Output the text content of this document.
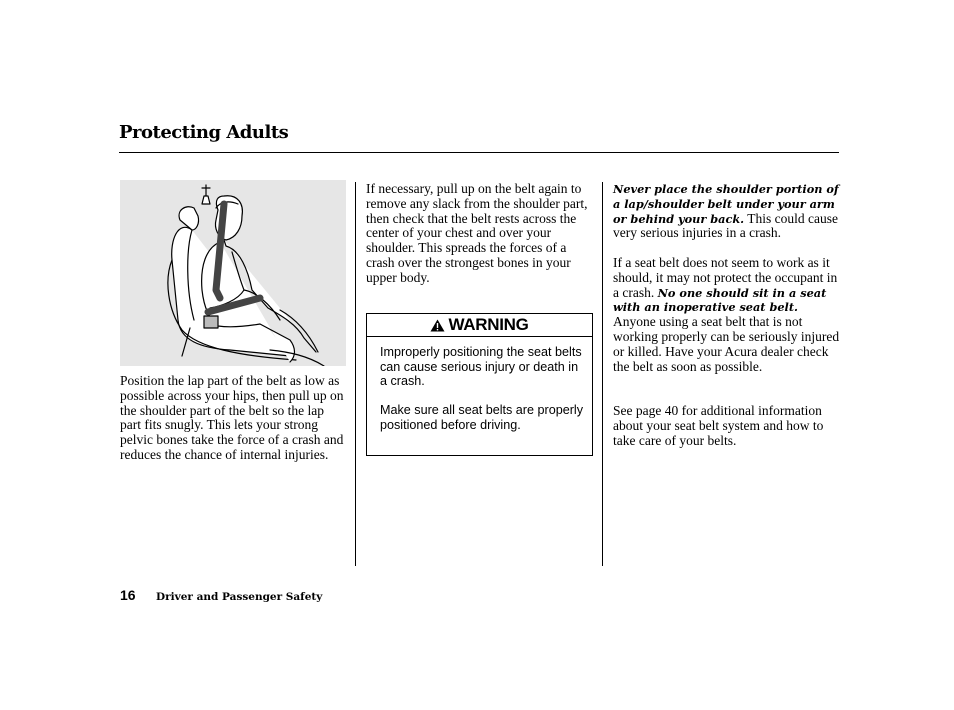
Protecting Adults

Position the lap part of the belt as low as possible across your hips, then pull up on the shoulder part of the belt so the lap part fits snugly. This lets your strong pelvic bones take the force of a crash and reduces the chance of internal injuries.

If necessary, pull up on the belt again to remove any slack from the shoulder part, then check that the belt rests across the center of your chest and over your shoulder. This spreads the forces of a crash over the strongest bones in your upper body.

WARNING

Improperly positioning the seat belts can cause serious injury or death in a crash.

Make sure all seat belts are properly positioned before driving.

Never place the shoulder portion of a lap/shoulder belt under your arm or behind your back. This could cause very serious injuries in a crash.

If a seat belt does not seem to work as it should, it may not protect the occupant in a crash. No one should sit in a seat with an inoperative seat belt. Anyone using a seat belt that is not working properly can be seriously injured or killed. Have your Acura dealer check the belt as soon as possible.

See page 40 for additional information about your seat belt system and how to take care of your belts.

16 Driver and Passenger Safety
